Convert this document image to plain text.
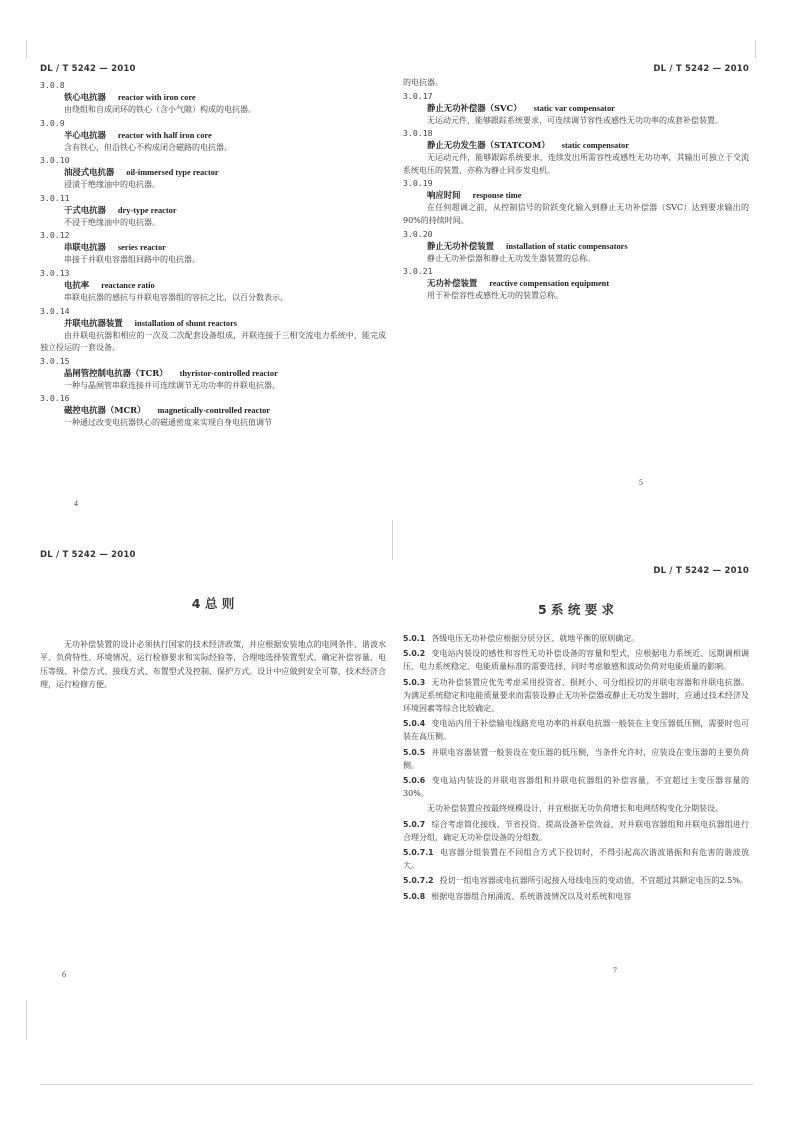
DL / T 5242 — 2010
3.0.8
铁心电抗器 reactor with iron core
由绕组和自成闭环的铁心（含小气隙）构成的电抗器。
3.0.9
半心电抗器 reactor with half iron core
含有铁心，但沿铁心不构成闭合磁路的电抗器。
3.0.10
油浸式电抗器 oil-immersed type reactor
浸渍于绝缘油中的电抗器。
3.0.11
干式电抗器 dry-type reactor
不浸于绝缘油中的电抗器。
3.0.12
串联电抗器 series reactor
串接于并联电容器组回路中的电抗器。
3.0.13
电抗率 reactance ratio
串联电抗器的感抗与并联电容器组的容抗之比，以百分数表示。
3.0.14
并联电抗器装置 installation of shunt reactors
由并联电抗器和相应的一次及二次配套设备组成，并联连接于三相交流电力系统中，能完成独立投运的一套设备。
3.0.15
晶闸管控制电抗器（TCR） thyristor-controlled reactor
一种与晶闸管串联连接并可连续调节无功功率的并联电抗器。
3.0.16
磁控电抗器（MCR） magnetically-controlled reactor
一种通过改变电抗器铁心的磁通密度来实现自身电抗值调节
4
DL / T 5242 — 2010
的电抗器。
3.0.17
静止无功补偿器（SVC） static var compensator
无运动元件，能够跟踪系统要求，可连续调节容性或感性无功功率的成套补偿装置。
3.0.18
静止无功发生器（STATCOM） static compensator
无运动元件，能够跟踪系统要求，连续发出所需容性或感性无功功率，其输出可独立于交流系统电压的装置，亦称为静止同步发电机。
3.0.19
响应时间 response time
在任何超调之前，从控制信号的阶跃变化输入到静止无功补偿器（SVC）达到要求输出的90%的持续时间。
3.0.20
静止无功补偿装置 installation of static compensators
静止无功补偿器和静止无功发生器装置的总称。
3.0.21
无功补偿装置 reactive compensation equipment
用于补偿容性或感性无功的装置总称。
5
DL / T 5242 — 2010
4 总 则

无功补偿装置的设计必须执行国家的技术经济政策，并应根据安装地点的电网条件、谐波水平、负荷特性、环境情况、运行检修要求和实际经验等，合理地选择装置型式，确定补偿容量、电压等级、补偿方式、接线方式、布置型式及控制、保护方式。设计中应做到安全可靠，技术经济合理，运行检修方便。

6
DL / T 5242 — 2010
5 系 统 要 求

5.0.1 各级电压无功补偿应根据分层分区、就地平衡的原则确定。

5.0.2 变电站内装设的感性和容性无功补偿设备的容量和型式，应根据电力系统近、远期调相调压、电力系统稳定、电能质量标准的需要选择，同时考虑敏感和波动负荷对电能质量的影响。

5.0.3 无功补偿装置应优先考虑采用投资省、损耗小、可分组投切的并联电容器和并联电抗器。为满足系统稳定和电能质量要求而需装设静止无功补偿器或静止无功发生器时，应通过技术经济及环境因素等综合比较确定。

5.0.4 变电站内用于补偿输电线路充电功率的并联电抗器一般装在主变压器低压侧，需要时也可装在高压侧。

5.0.5 并联电容器装置一般装设在变压器的低压侧，当条件允许时，应装设在变压器的主要负荷侧。

5.0.6 变电站内装设的并联电容器组和并联电抗器组的补偿容量，不宜超过主变压器容量的30%。

无功补偿装置应按最终规模设计，并宜根据无功负荷增长和电网结构变化分期装设。

5.0.7 综合考虑简化接线、节省投资、提高设备补偿效益，对并联电容器组和并联电抗器组进行合理分组，确定无功补偿设备的分组数。

5.0.7.1 电容器分组装置在不同组合方式下投切时，不得引起高次谐波谐振和有危害的谐波放大。

5.0.7.2 投切一组电容器或电抗器所引起接入母线电压的变动值，不宜超过其额定电压的2.5%。

5.0.8 根据电容器组合闸涌流、系统谐波情况以及对系统和电容

7
